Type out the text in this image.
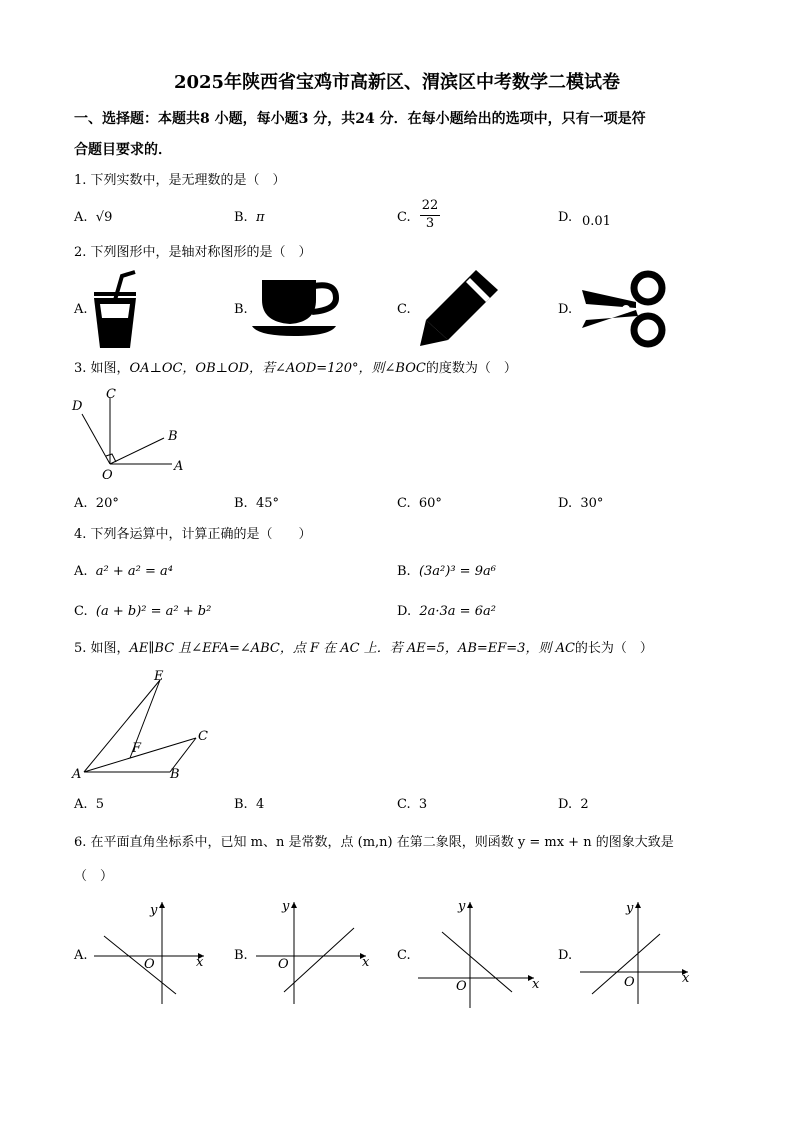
2025年陕西省宝鸡市高新区、渭滨区中考数学二模试卷
一、选择题：本题共8 小题，每小题3 分，共24 分．在每小题给出的选项中，只有一项是符
合题目要求的．
1. 下列实数中，是无理数的是（　）
A. √9	B. π	C.
22
3	D. 0.01
2. 下列图形中，是轴对称图形的是（　）
A.	B.	C.	D.
3. 如图，OA⊥OC，OB⊥OD，若∠AOD=120°，则∠BOC的度数为（　）
O
A
B
C
D
A. 20°	B. 45°	C. 60°	D. 30°
4. 下列各运算中，计算正确的是（　　）
A. a² + a² = a⁴	B. (3a²)³ = 9a⁶
C. (a + b)² = a² + b²	D. 2a·3a = 6a²
5. 如图，AE∥BC 且∠EFA=∠ABC，点 F 在 AC 上．若 AE=5，AB=EF=3，则 AC的长为（　）
E
F
C
A	B
A. 5	B. 4	C. 3	D. 2
6. 在平面直角坐标系中，已知 m、n 是常数，点 (m,n) 在第二象限，则函数 y = mx + n 的图象大致是
（　）
A.	B.	C.	D.
O	x
y
O	x
y
O	x
y
O	x
y
